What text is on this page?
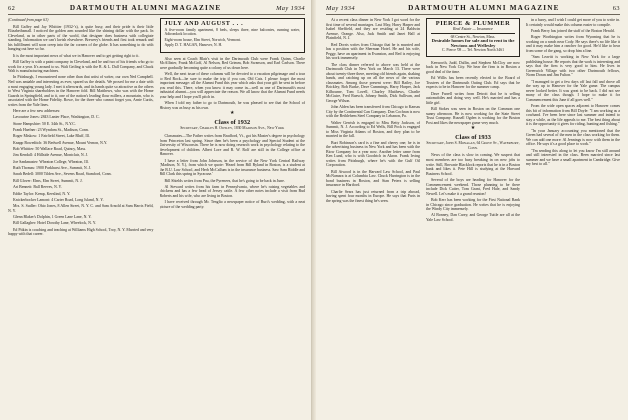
62	DARTMOUTH ALUMNI MAGAZINE	May 1934
(Continued from page 61)

Bill Gaffey and Jay Whittier (1932-'s), is quite busy, and their pride is their little Elizabethsmall. I noticed the golden arm sounded like the shining dollar with the pack. In Cleveland, as in other parts of the world, that designer does business with collegiate standing. Information we can't lavish elsewhere. Brewery's friends and first took remark and his fulfillment will soon creep into the far corners of the globe. It has something to do with hanging out here so far.

It is the most important news of what we in Hanover and to get getting right to it.

Bill Gaffey is with a paint company in Cleveland, and he and two of his friends who go to work for a year. It's around to us. Walt Geiling is with the R. & L. Dall Company, and Chuck Walt is manufacturing machines.

In Pittsburgh, I encountered none other than that artist of writer, our own Ned Campbell. Ned was amiable and interesting as ever, spared us the details. We prosed for me a date with a most engaging young lady. I met it afterwards, and its hands quite so attractive as the others to West Virginia shareholders in the Hanover fold. Bill Matthews, who was with the Home Guards in Springfield, and to it, one of the nation's leading flour millers, a mountain, who is associated with the Home Fidelity. Rowe, for the three who cannot forget you, Arnie Curtis, writes from the Yale lines.

Here are a few new addresses:

Lavourine Jones: 2843 Lanier Place, Washington, D. C.

Stone Hampshire: 50 E. 34th St., N.Y.C.

Frank Haefner: 23 Wyndom St., Madison, Conn.

Roger Miskow: 1 Fairfield Street, Lake Bluff, Ill.

Knapp Boweditch: 36 Bedwell Avenue, Mount Vernon, N.Y.

Bob Whittier: 50 Wallace Road, Quincy, Mass.

Jim Kendall: 4 Hillside Avenue, Montclair, N. J.

Joe Sankmaster: Wheaton College, Wheaton, Ill.

Ruth Thomas: 1900 Parkhurst Ave., Summit, N. J.

Sarah Bedell: 3000 Tilden Ave., Sevens Road, Stamford, Conn.

Bill Glover: Elms, Elm Street, Summit, N. J.

Art Bennett: Ball Reeves, N. Y.

Eddie Taylor: Kemp, Keeslind, N. Y.

Knickerbocker Lamont: 4 Carter Road, Long Island, N. Y.

Mrs. S. Sudler: Ohio Jones, 8 Allen Street, N. Y. C. and Sam Arnold at Sam Harris Field, N. Y.

Glenn Blaker's Dolphin, 1 Green Lane Lane, N. Y.

Bill Gallagher: Hotel Dorothy Lane, Wheelock, N. Y.

Ed Pitkin is coaching and teaching at Williams High School, Troy, N. Y. Married and very happy with that career.

JULY AND AUGUST . . .
A five-room family apartment, 8 beds, sleeps three, nine balconies, running water, Adirondack location.
Eight-room house, Elm Street, Norwich, Vermont.
Apply D. T. HAGAN, Hanover, N. H.

Also seen at Coach Blair's visit in the Dartmouth Club were Frank Quinn, Charlie McAllister, Frank McGoff, Al Nelson, Red Grimm, Bob Swanson, and Earl Carlson. There were gradually becoming quite a colony of us down here.

Well, the next issue of these columns will be devoted to a vacation pilgrimage and a tour to Red Rock—be sure to make the trip if you can, Old Cats. I please forget the most important message: all the Alumni Fund this year which asks that your gift be sent in before you read this. There, when you know it may come in—well as one of Dartmouth's most industrial alumni—you will appreciate the reason. We all know that the Alumni Fund needs your help and I hope you'll pitch in.

When I told my father to go to Dartmouth, he was pleased to see that the School of History was as busy as his own.

★
Class of 1932
Secretary, Charles H. Owsley, 1830 Madison Ave., New York

Classmates—The Father writes from Bradford, Vt., got his Master's degree in psychology from Princeton last spring. Since then he's been a psychology and Special Student at the University of Wisconsin. There he is now doing research work in psychology relating to the development of children. Albert Lore and R. W. Rolf are still in the College office at Hanover.

I have a letter from John Johnson, in the service of the New York Central Railway (Madison, N. Y.), from which we quote: 'Heard from Bill Ryland in Boston, is a student at the B.U. Law School, and Herb McCallum is in the insurance business. Saw Sam Riddle and Bill Clark this spring in Syracuse.'

Bill Shields writes from Pau, the Pyrenees, that he's going to be back in June.

Al Steward writes from his farm in Pennsylvania, where he's raising vegetables and chickens and has a few head of Jersey cattle. A few other notes include a visit from Bud Roberts and his wife, who are living in Boston.

I have received through Mr. Tenglio a newspaper notice of Burt's wedding, with a neat picture of the wedding party.

May 1934	DARTMOUTH ALUMNI MAGAZINE	63

At a recent class dinner in New York I got word for the first time of several marriages. Last May, Harry Harper and Isabel Sheffield, and they are residing at 24 Baldwin Avenue, Orange. Also, Jack Smith and Janet Hall at Plainfield, N. J.

Red Dorris writes from Chicago that he is married and has a position with the Sherman Hotel. He and his wife, Peggy, have an apartment in Evanston, and Red is enjoying his work immensely.

The class dinner referred to above was held at the Dartmouth Club in New York on March 13. There were about twenty-three there, meeting old friends again, shaking hands, and catching up on all the news of the various classmates. Among those present were: Bill Bailey, Joe Brickley, Bob Burke, Dave Cummings, Harry Harper, Jack Kilbourne, Tom Lovell, Charley Matthews, Charlie McGuire, Fred Ruesch, Johnny Smith, Dick Sullivan, and George Wilson.

John Alden has been transferred from Chicago to Kansas City by the Continental Can Company. Don Cochran is now with the Bethlehem Steel Company in Lebanon, Pa.

Walter Gerrish is engaged to Miss Betty Jackson, of Summit, N. J. According to Ed Wells, Bill Pock is engaged to Miss Virginia Adams of Boston, and they plan to be married in the fall.

Burt Robinson's card is a fine and cheery one; he is in the advertising business in New York and has been with the Biow Company for a year now. Another letter came from Ken Lund, who is with Goodrich in Akron. Frank Irving writes from Pittsburgh, where he's with the Gulf Oil Corporation.

Bill Atwood is in the Harvard Law School, and Paul McNamara is at Columbia Law. Chuck Harrington is in the bond business in Boston, and Stan Peters is selling insurance in Hartford.

Charlie Sears has just returned from a trip abroad, having spent four months in Europe. He says that Paris in the spring was the finest thing he's seen.

PIERCE & PLUMMER
Real Estate — Insurance
68 Centre St., Newton, Mass.
Desirable homes for sale and to rent in the Newtons and Wellesley
C. Pierce '08 — Tel. Newton North 3461

Kenworth, Judd, Dallin, and Stephen McCloy are now back in New York City. We hear the firm is in Boston a good deal of the time.

Ed Willis has been recently elected to the Board of Trustees of the Dartmouth Outing Club. Ed says that he expects to be in Hanover for the summer camp.

Dave Farrell writes from Detroit that he is selling automobiles and doing very well. He's married and has a little girl.

Bill Stokes was seen in Boston on the Common one sunny afternoon. He is now working for the State Street Trust Company. Russell Ogden is working for the Boston Post and likes the newspaper game very much.

★
Class of 1933
Secretary, John S. Monagan, 64 Grove St., Waterbury, Conn.

News of the class is slow in coming. We suspect that most members are too busy breaking in on new jobs to write. Still, Brownie Blacklock reports that he is in a Boston bank and likes it. Pete Hill is studying at the Harvard Business School.

Several of the boys are heading for Hanover for the Commencement weekend. Those planning to be there include Dick Cutter, Tom Grant, Fred Hale, and Sandy Newell. Let's make it a grand reunion!

Bob Kerr has been working for the First National Bank in Chicago since graduation. He writes that he is enjoying the Windy City immensely.

Al Bonney, Dan Carey, and George Tuttle are all at the Yale Law School.

in a hurry, and I wish I could get more of you to write in. It certainly would make this column easier to compile.

Frank Berry has joined the staff of the Boston Herald.

Roger Worthington writes from Wyoming that he is working on a ranch near Cody. He says there's no life like it and it may make him a rancher for good. He'd like to hear from some of the gang, so drop him a line.

"Sam Leavitt is working in New York for a large publishing house. He reports that the work is interesting and says that the firm is very good to him. He lives in Greenwich Village with two other Dartmouth fellows, Norm Doran and Jim Fulton."

"I managed to get a few days off last fall and drove all the way up to Hanover for the Yale game. The campus never looked better. It was great to be back. I did not see many of the class though. I hope to make it for Commencement this June if all goes well."

From the wide open spaces adjacent to Hanover comes this bit of information from Bill Doyle: "I am working as a cowhand. I've been here since last summer and intend to stay a while, as the life appeals to me. The best thing about it is the opportunity it gives for riding, hunting and fishing."

"In your January accounting you mentioned that the Green had several of the men in the class working for them. We can add one more: Al Jennings is now with them in the office. He says it's a good place to work."

"I'm sending this along to let you know I'm still around and still interested in the class. Been married since last summer and we have a small apartment in Cambridge. Give my best to all."
